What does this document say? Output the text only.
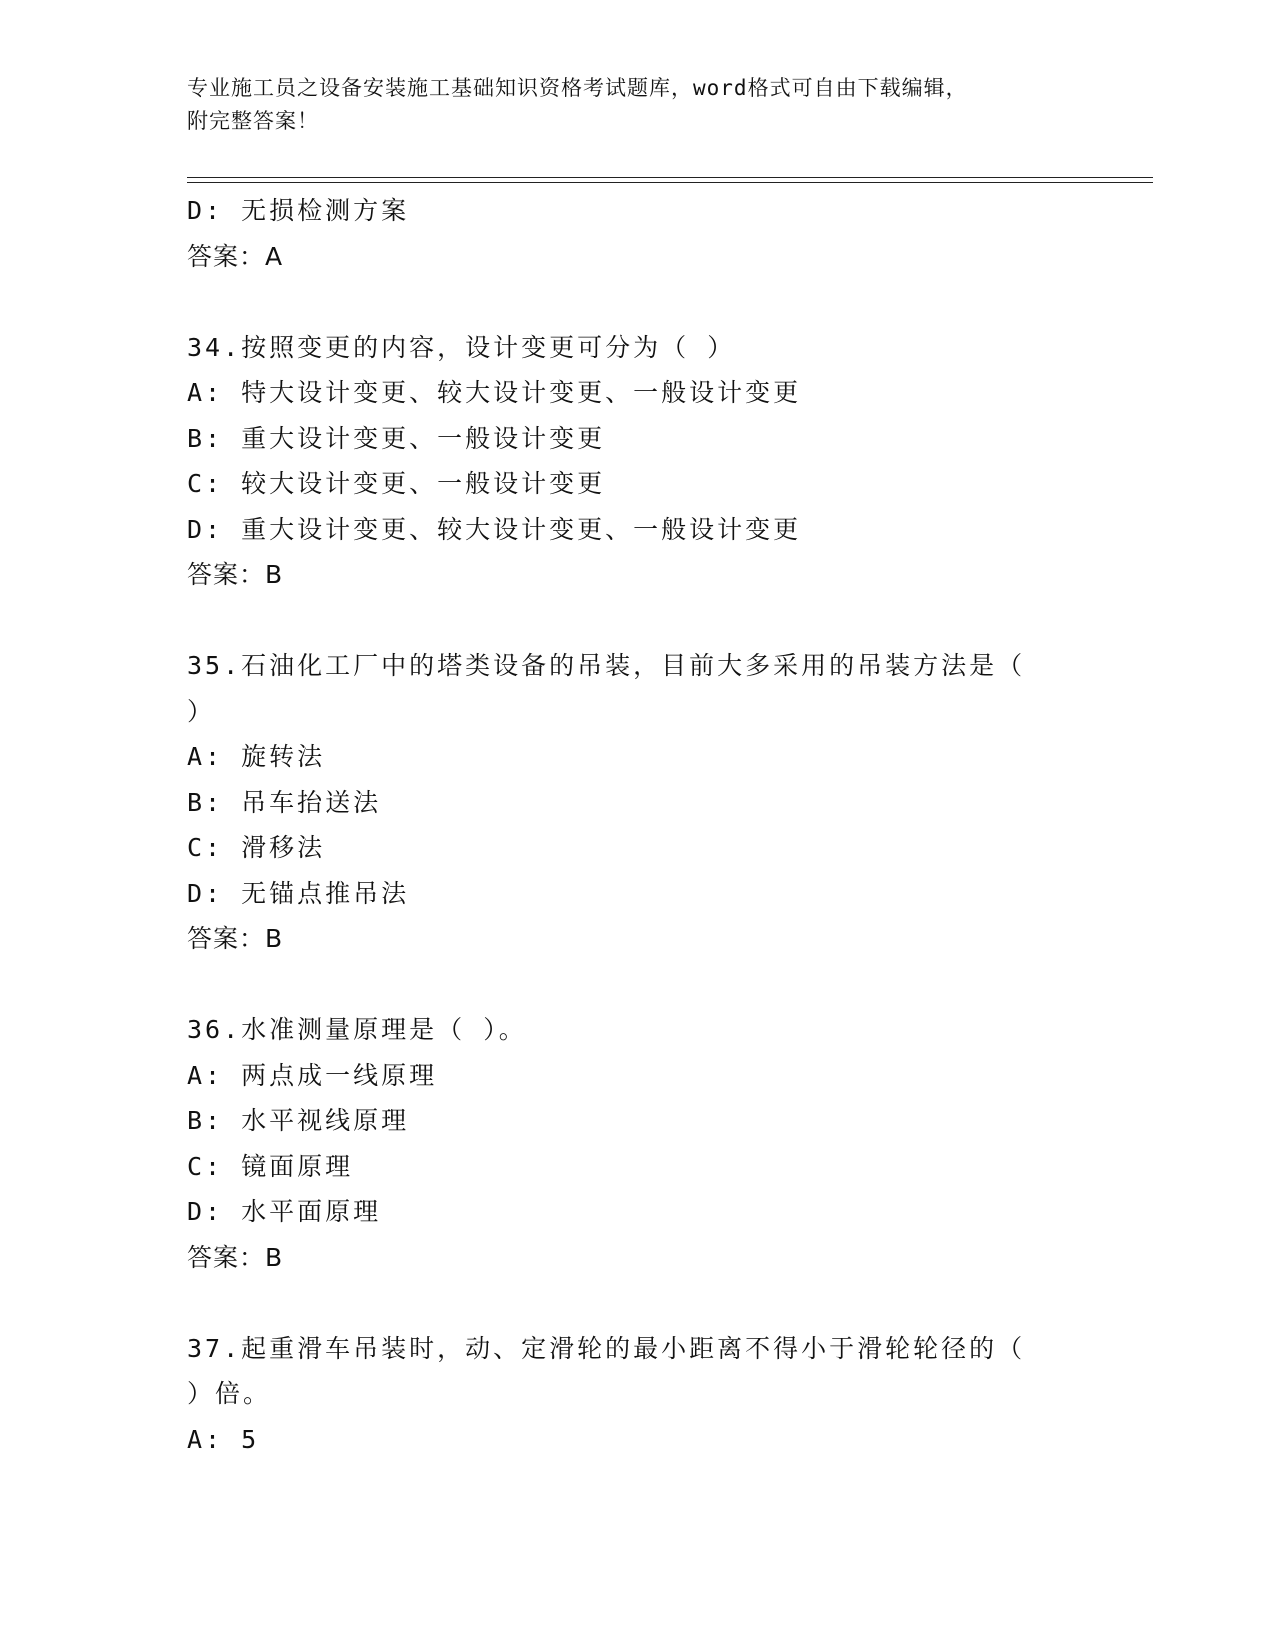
专业施工员之设备安装施工基础知识资格考试题库，word格式可自由下载编辑，
附完整答案！
D: 无损检测方案
答案：A
34.按照变更的内容，设计变更可分为（ ）
A: 特大设计变更、较大设计变更、一般设计变更
B: 重大设计变更、一般设计变更
C: 较大设计变更、一般设计变更
D: 重大设计变更、较大设计变更、一般设计变更
答案：B
35.石油化工厂中的塔类设备的吊装，目前大多采用的吊装方法是（
）
A: 旋转法
B: 吊车抬送法
C: 滑移法
D: 无锚点推吊法
答案：B
36.水准测量原理是（ ）。
A: 两点成一线原理
B: 水平视线原理
C: 镜面原理
D: 水平面原理
答案：B
37.起重滑车吊装时，动、定滑轮的最小距离不得小于滑轮轮径的（
）倍。
A: 5
